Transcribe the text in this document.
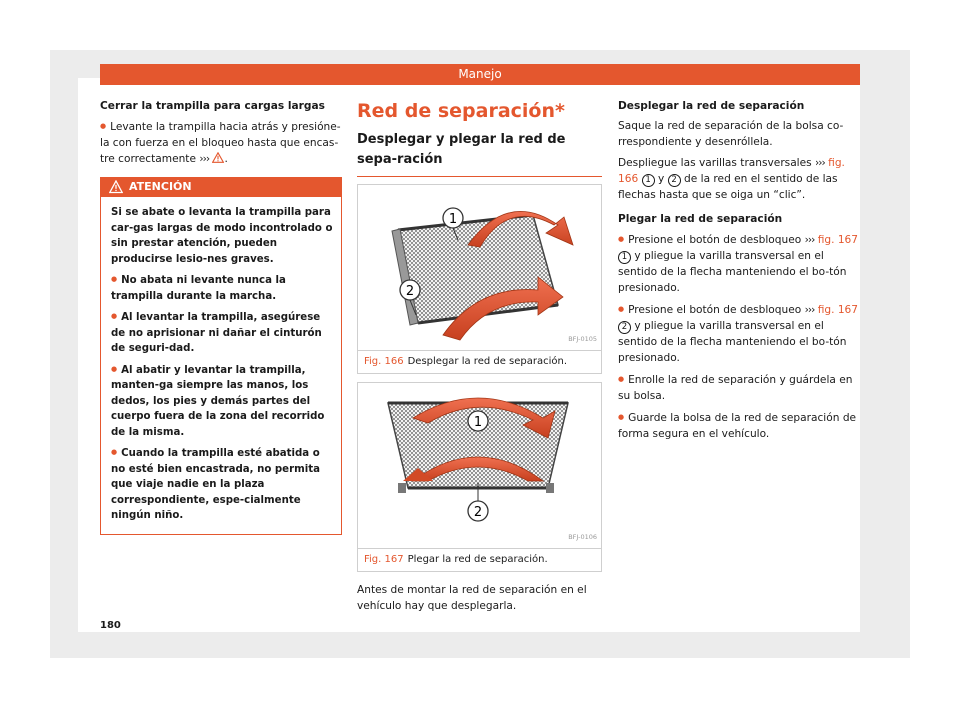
Manejo

Cerrar la trampilla para cargas largas

● Levante la trampilla hacia atrás y presióne-la con fuerza en el bloqueo hasta que encas-tre correctamente ››› .

ATENCIÓN

Si se abate o levanta la trampilla para car-gas largas de modo incontrolado o sin prestar atención, pueden producirse lesio-nes graves.

● No abata ni levante nunca la trampilla durante la marcha.

● Al levantar la trampilla, asegúrese de no aprisionar ni dañar el cinturón de seguri-dad.

● Al abatir y levantar la trampilla, manten-ga siempre las manos, los dedos, los pies y demás partes del cuerpo fuera de la zona del recorrido de la misma.

● Cuando la trampilla esté abatida o no esté bien encastrada, no permita que viaje nadie en la plaza correspondiente, espe-cialmente ningún niño.

Red de separación*
Desplegar y plegar la red de sepa-ración
1
2
BFJ-0105
Fig. 166 Desplegar la red de separación.
1
2
BFJ-0106
Fig. 167 Plegar la red de separación.

Antes de montar la red de separación en el vehículo hay que desplegarla.

Desplegar la red de separación

Saque la red de separación de la bolsa co-rrespondiente y desenróllela.

Despliegue las varillas transversales ››› fig. 166 1 y 2 de la red en el sentido de las flechas hasta que se oiga un “clic”.

Plegar la red de separación

● Presione el botón de desbloqueo ››› fig. 167 1 y pliegue la varilla transversal en el sentido de la flecha manteniendo el bo-tón presionado.

● Presione el botón de desbloqueo ››› fig. 167 2 y pliegue la varilla transversal en el sentido de la flecha manteniendo el bo-tón presionado.

● Enrolle la red de separación y guárdela en su bolsa.

● Guarde la bolsa de la red de separación de forma segura en el vehículo.

180
